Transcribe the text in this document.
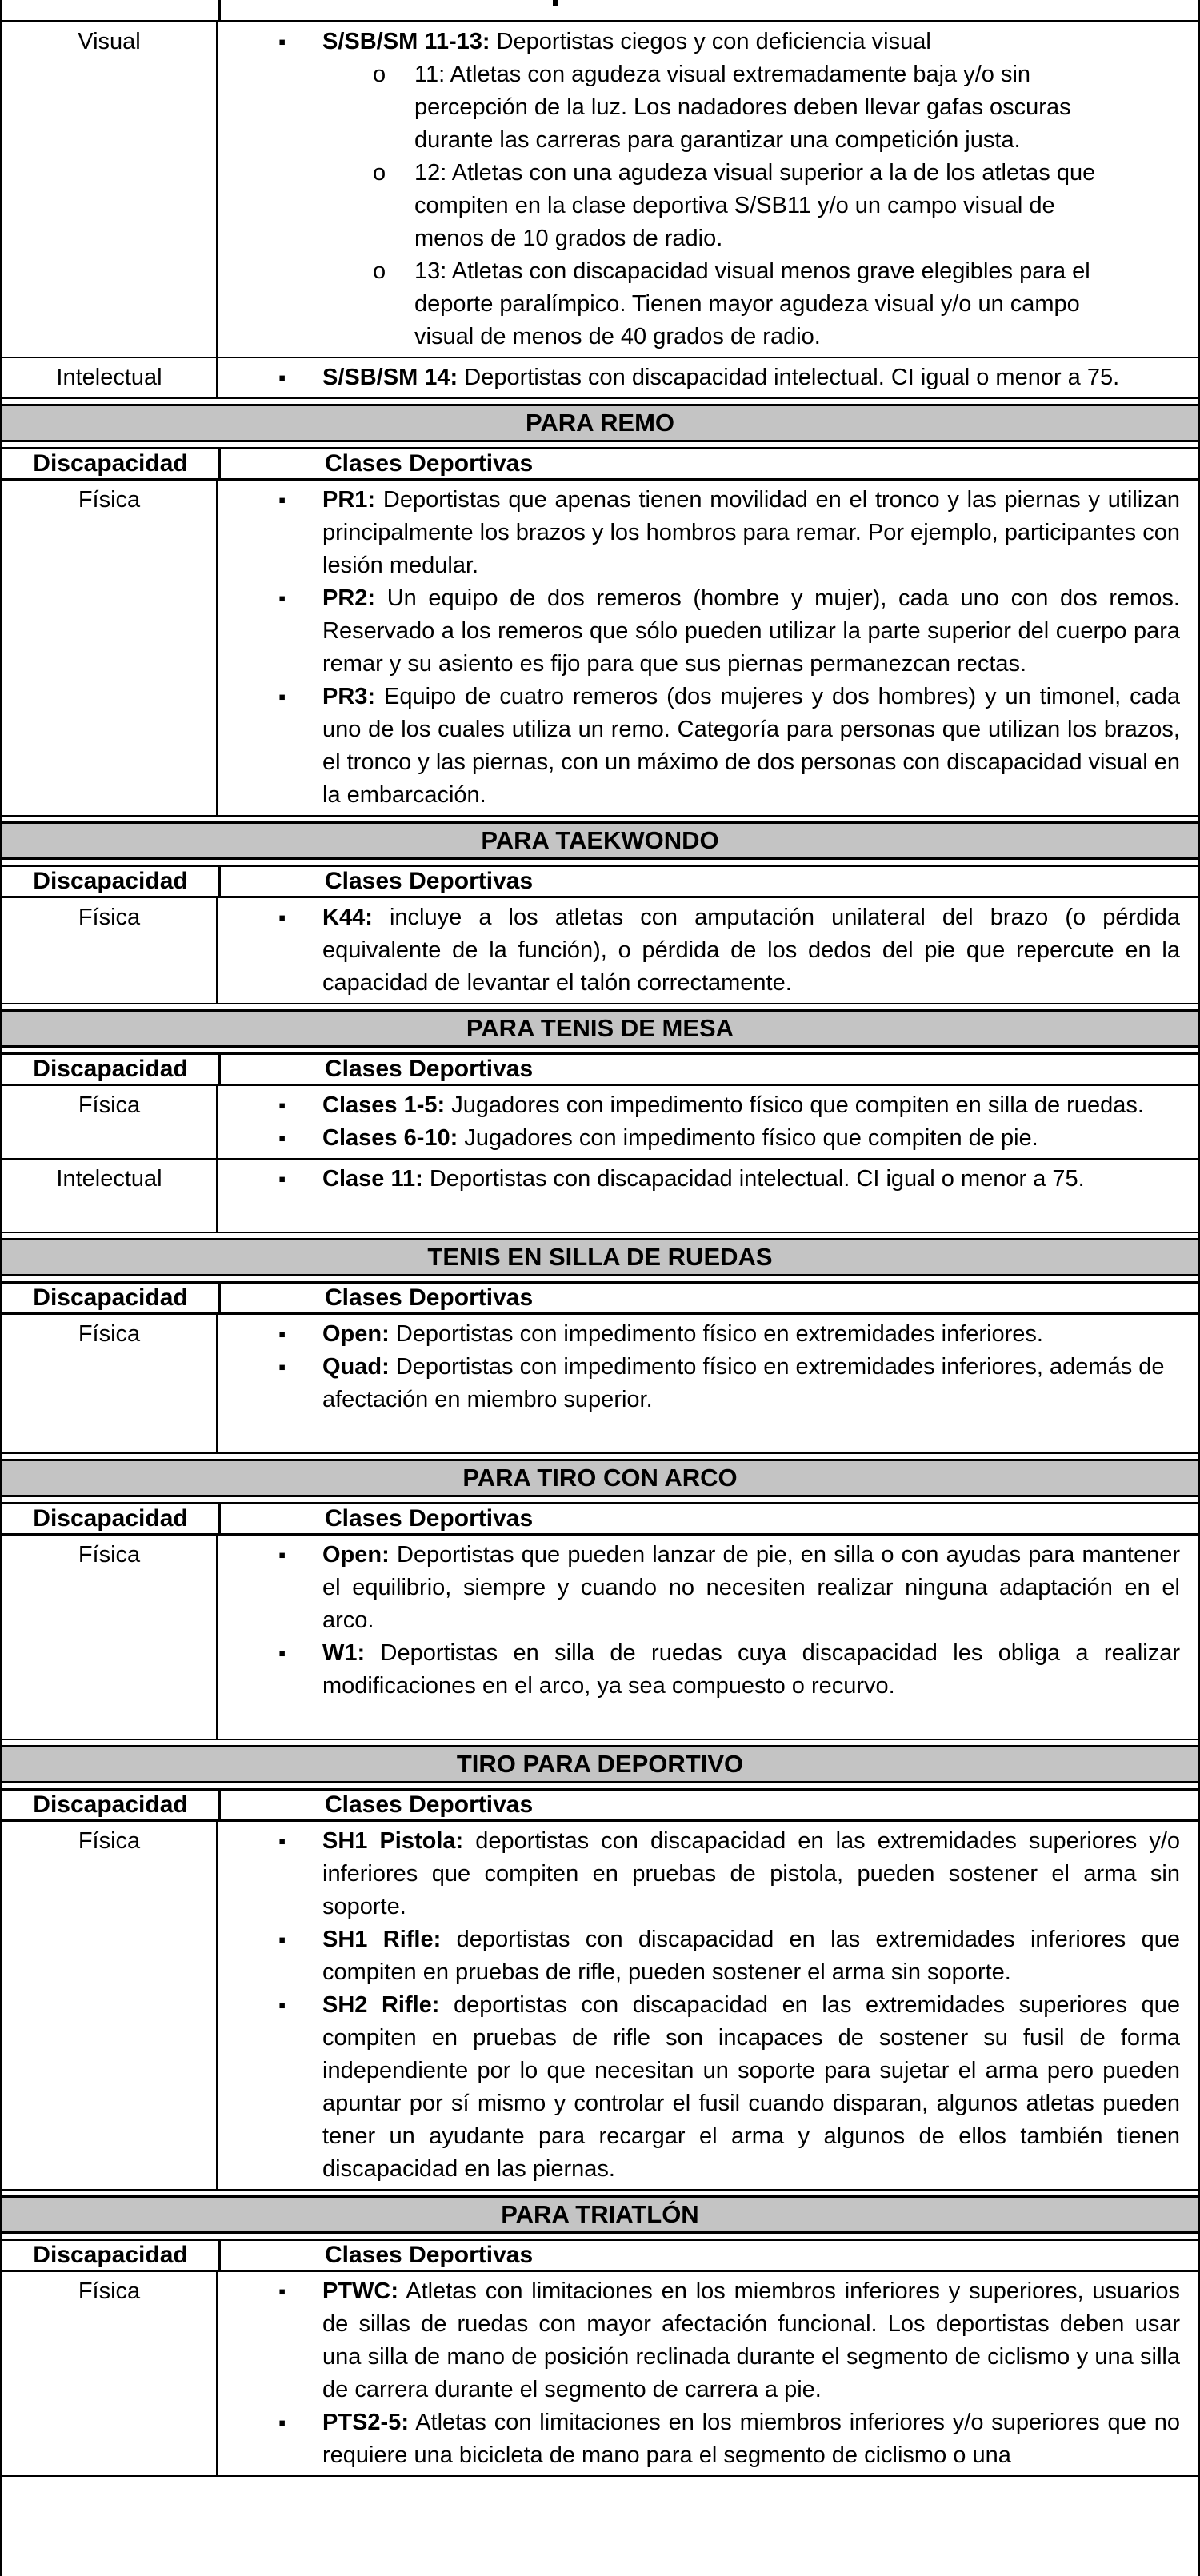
Visual	▪ S/SB/SM 11-13: Deportistas ciegos y con deficiencia visual
o 11: Atletas con agudeza visual extremadamente baja y/o sin percepción de la luz. Los nadadores deben llevar gafas oscuras durante las carreras para garantizar una competición justa.
o 12: Atletas con una agudeza visual superior a la de los atletas que compiten en la clase deportiva S/SB11 y/o un campo visual de menos de 10 grados de radio.
o 13: Atletas con discapacidad visual menos grave elegibles para el deporte paralímpico. Tienen mayor agudeza visual y/o un campo visual de menos de 40 grados de radio.
Intelectual	▪ S/SB/SM 14: Deportistas con discapacidad intelectual. CI igual o menor a 75.
PARA REMO
Discapacidad	Clases Deportivas
Física	▪ PR1: Deportistas que apenas tienen movilidad en el tronco y las piernas y utilizan principalmente los brazos y los hombros para remar. Por ejemplo, participantes con lesión medular.
▪ PR2: Un equipo de dos remeros (hombre y mujer), cada uno con dos remos. Reservado a los remeros que sólo pueden utilizar la parte superior del cuerpo para remar y su asiento es fijo para que sus piernas permanezcan rectas.
▪ PR3: Equipo de cuatro remeros (dos mujeres y dos hombres) y un timonel, cada uno de los cuales utiliza un remo. Categoría para personas que utilizan los brazos, el tronco y las piernas, con un máximo de dos personas con discapacidad visual en la embarcación.
PARA TAEKWONDO
Discapacidad	Clases Deportivas
Física	▪ K44: incluye a los atletas con amputación unilateral del brazo (o pérdida equivalente de la función), o pérdida de los dedos del pie que repercute en la capacidad de levantar el talón correctamente.
PARA TENIS DE MESA
Discapacidad	Clases Deportivas
Física	▪ Clases 1-5: Jugadores con impedimento físico que compiten en silla de ruedas.
▪ Clases 6-10: Jugadores con impedimento físico que compiten de pie.
Intelectual	▪ Clase 11: Deportistas con discapacidad intelectual. CI igual o menor a 75.
TENIS EN SILLA DE RUEDAS
Discapacidad	Clases Deportivas
Física	▪ Open: Deportistas con impedimento físico en extremidades inferiores.
▪ Quad: Deportistas con impedimento físico en extremidades inferiores, además de afectación en miembro superior.
PARA TIRO CON ARCO
Discapacidad	Clases Deportivas
Física	▪ Open: Deportistas que pueden lanzar de pie, en silla o con ayudas para mantener el equilibrio, siempre y cuando no necesiten realizar ninguna adaptación en el arco.
▪ W1: Deportistas en silla de ruedas cuya discapacidad les obliga a realizar modificaciones en el arco, ya sea compuesto o recurvo.
TIRO PARA DEPORTIVO
Discapacidad	Clases Deportivas
Física	▪ SH1 Pistola: deportistas con discapacidad en las extremidades superiores y/o inferiores que compiten en pruebas de pistola, pueden sostener el arma sin soporte.
▪ SH1 Rifle: deportistas con discapacidad en las extremidades inferiores que compiten en pruebas de rifle, pueden sostener el arma sin soporte.
▪ SH2 Rifle: deportistas con discapacidad en las extremidades superiores que compiten en pruebas de rifle son incapaces de sostener su fusil de forma independiente por lo que necesitan un soporte para sujetar el arma pero pueden apuntar por sí mismo y controlar el fusil cuando disparan, algunos atletas pueden tener un ayudante para recargar el arma y algunos de ellos también tienen discapacidad en las piernas.
PARA TRIATLÓN
Discapacidad	Clases Deportivas
Física	▪ PTWC: Atletas con limitaciones en los miembros inferiores y superiores, usuarios de sillas de ruedas con mayor afectación funcional. Los deportistas deben usar una silla de mano de posición reclinada durante el segmento de ciclismo y una silla de carrera durante el segmento de carrera a pie.
▪ PTS2-5: Atletas con limitaciones en los miembros inferiores y/o superiores que no requiere una bicicleta de mano para el segmento de ciclismo o una
